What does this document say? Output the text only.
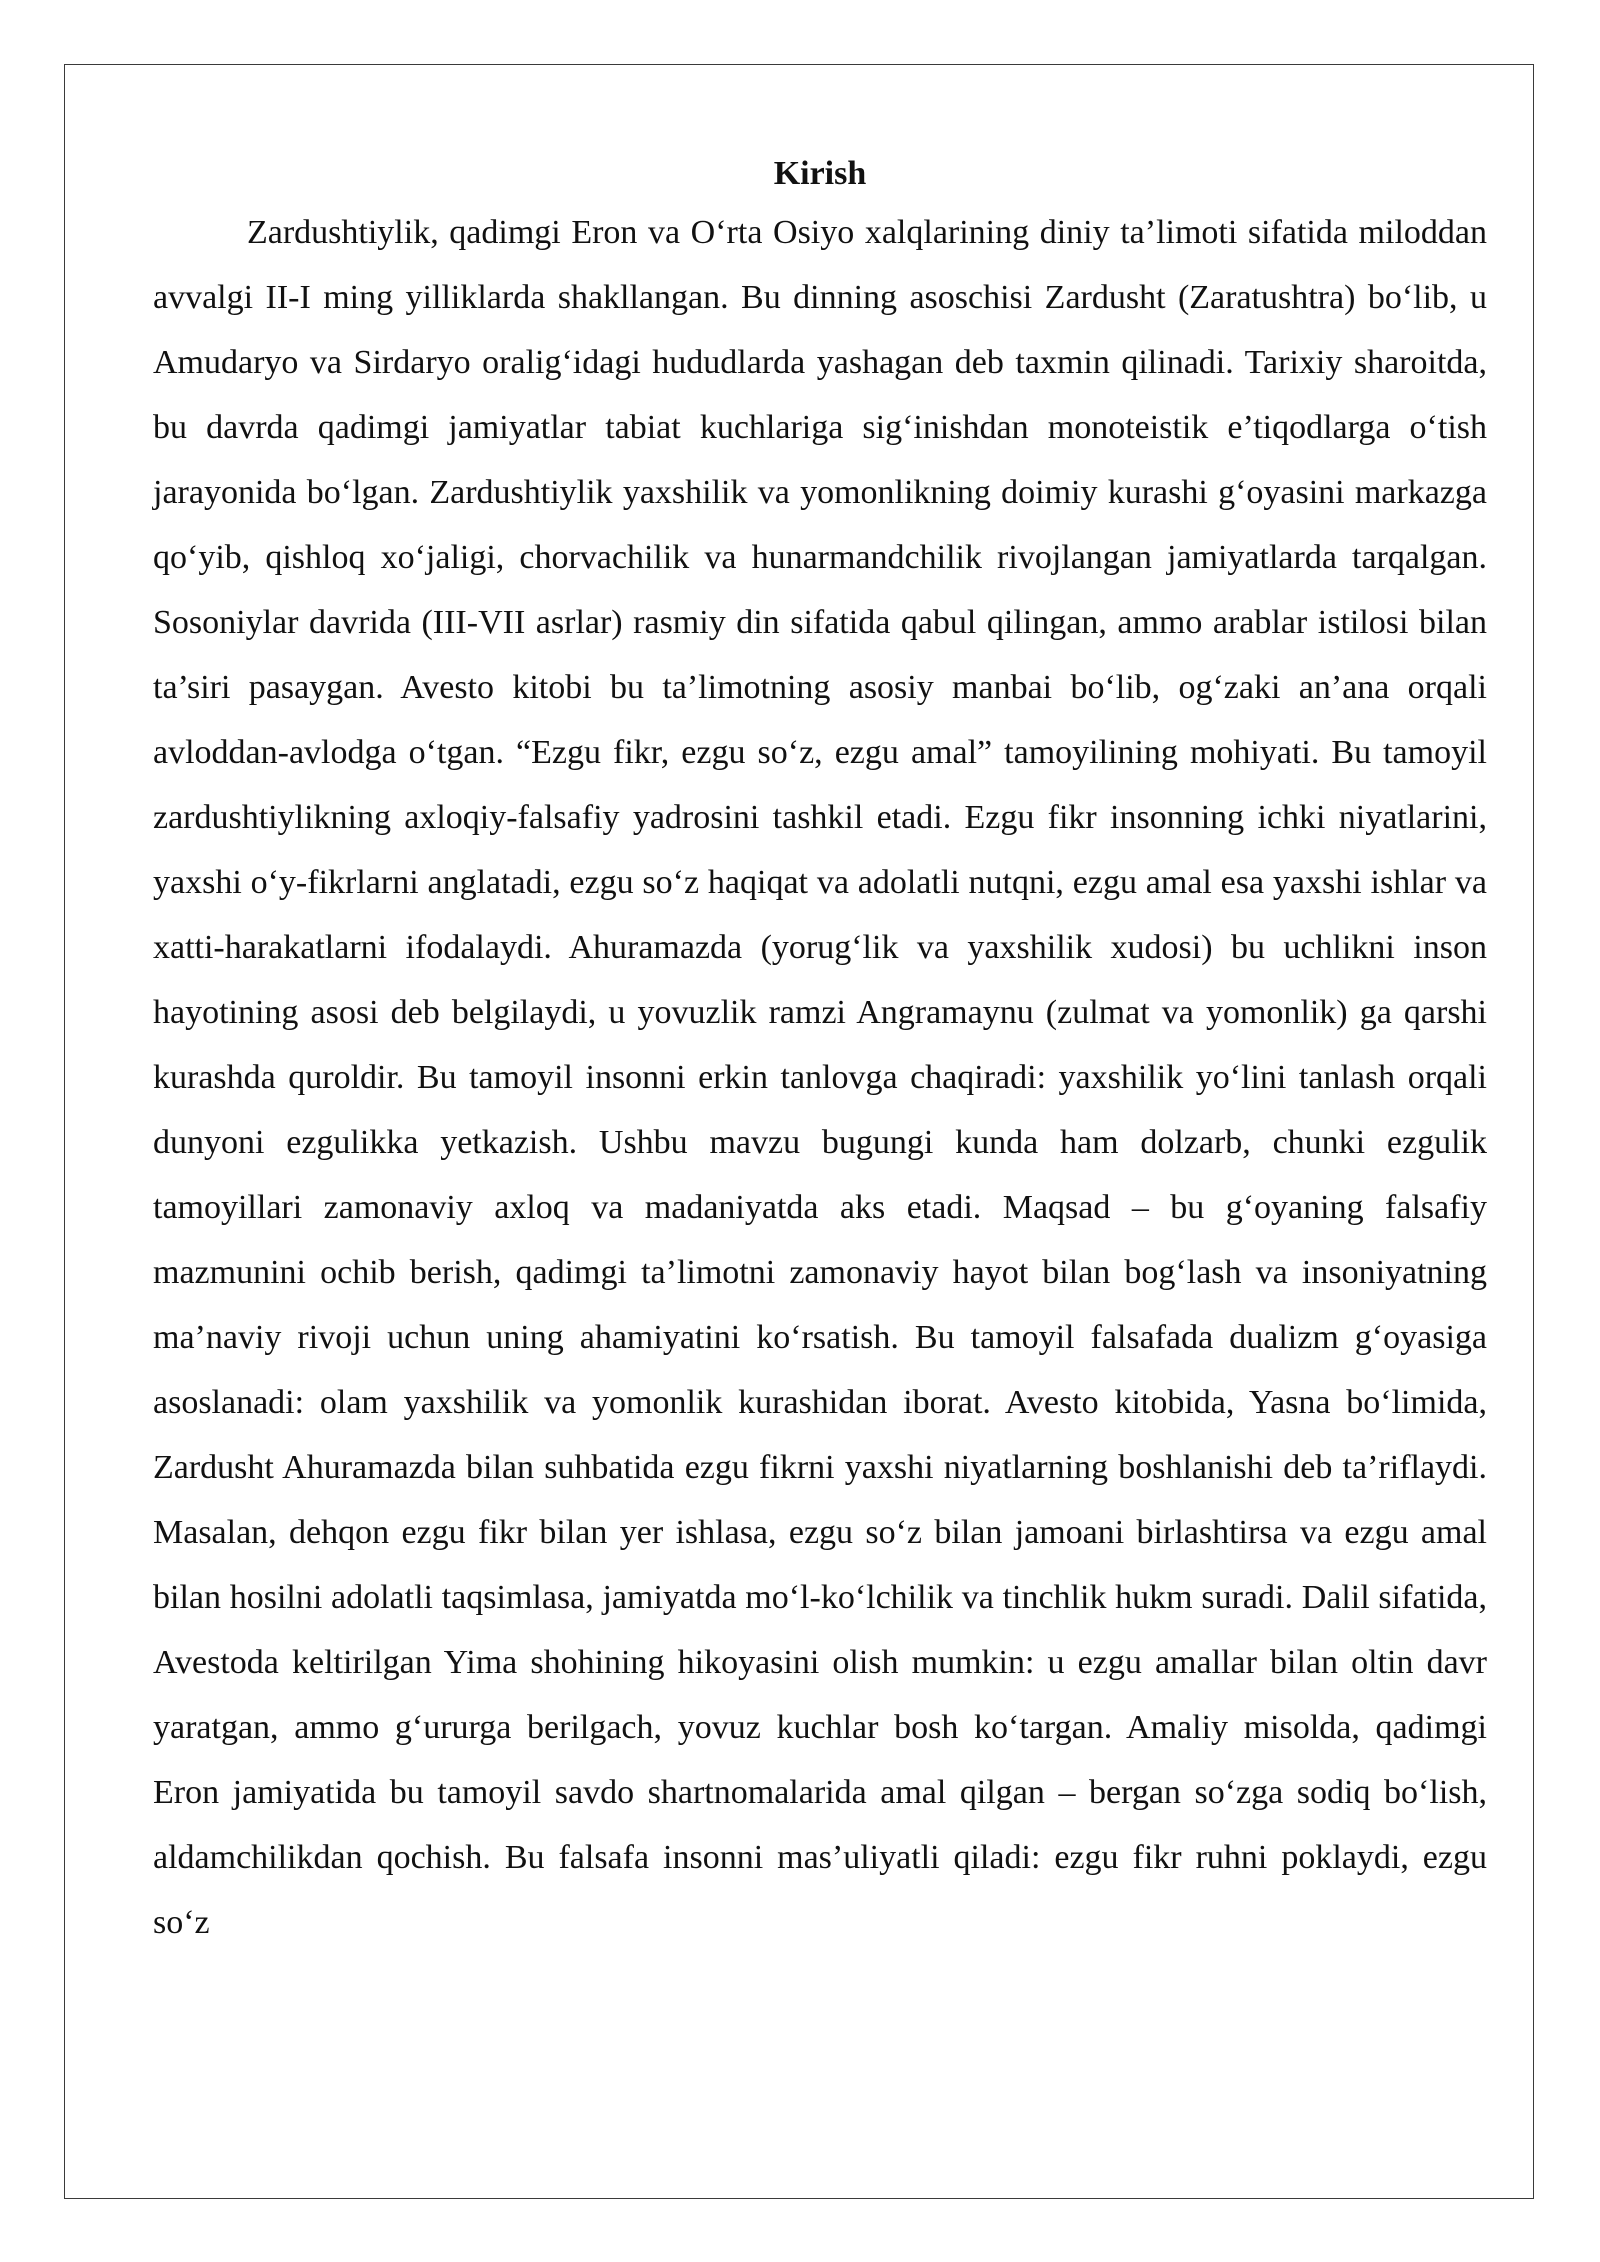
Kirish

Zardushtiylik, qadimgi Eron va O‘rta Osiyo xalqlarining diniy ta’limoti sifatida miloddan avvalgi II-I ming yilliklarda shakllangan. Bu dinning asoschisi Zardusht (Zaratushtra) bo‘lib, u Amudaryo va Sirdaryo oralig‘idagi hududlarda yashagan deb taxmin qilinadi. Tarixiy sharoitda, bu davrda qadimgi jamiyatlar tabiat kuchlariga sig‘inishdan monoteistik e’tiqodlarga o‘tish jarayonida bo‘lgan. Zardushtiylik yaxshilik va yomonlikning doimiy kurashi g‘oyasini markazga qo‘yib, qishloq xo‘jaligi, chorvachilik va hunarmandchilik rivojlangan jamiyatlarda tarqalgan. Sosoniylar davrida (III-VII asrlar) rasmiy din sifatida qabul qilingan, ammo arablar istilosi bilan ta’siri pasaygan. Avesto kitobi bu ta’limotning asosiy manbai bo‘lib, og‘zaki an’ana orqali avloddan-avlodga o‘tgan. “Ezgu fikr, ezgu so‘z, ezgu amal” tamoyilining mohiyati. Bu tamoyil zardushtiylikning axloqiy-falsafiy yadrosini tashkil etadi. Ezgu fikr insonning ichki niyatlarini, yaxshi o‘y-fikrlarni anglatadi, ezgu so‘z haqiqat va adolatli nutqni, ezgu amal esa yaxshi ishlar va xatti-harakatlarni ifodalaydi. Ahuramazda (yorug‘lik va yaxshilik xudosi) bu uchlikni inson hayotining asosi deb belgilaydi, u yovuzlik ramzi Angramaynu (zulmat va yomonlik) ga qarshi kurashda quroldir. Bu tamoyil insonni erkin tanlovga chaqiradi: yaxshilik yo‘lini tanlash orqali dunyoni ezgulikka yetkazish. Ushbu mavzu bugungi kunda ham dolzarb, chunki ezgulik tamoyillari zamonaviy axloq va madaniyatda aks etadi. Maqsad – bu g‘oyaning falsafiy mazmunini ochib berish, qadimgi ta’limotni zamonaviy hayot bilan bog‘lash va insoniyatning ma’naviy rivoji uchun uning ahamiyatini ko‘rsatish. Bu tamoyil falsafada dualizm g‘oyasiga asoslanadi: olam yaxshilik va yomonlik kurashidan iborat. Avesto kitobida, Yasna bo‘limida, Zardusht Ahuramazda bilan suhbatida ezgu fikrni yaxshi niyatlarning boshlanishi deb ta’riflaydi. Masalan, dehqon ezgu fikr bilan yer ishlasa, ezgu so‘z bilan jamoani birlashtirsa va ezgu amal bilan hosilni adolatli taqsimlasa, jamiyatda mo‘l-ko‘lchilik va tinchlik hukm suradi. Dalil sifatida, Avestoda keltirilgan Yima shohining hikoyasini olish mumkin: u ezgu amallar bilan oltin davr yaratgan, ammo g‘ururga berilgach, yovuz kuchlar bosh ko‘targan. Amaliy misolda, qadimgi Eron jamiyatida bu tamoyil savdo shartnomalarida amal qilgan – bergan so‘zga sodiq bo‘lish, aldamchilikdan qochish. Bu falsafa insonni mas’uliyatli qiladi: ezgu fikr ruhni poklaydi, ezgu so‘z
